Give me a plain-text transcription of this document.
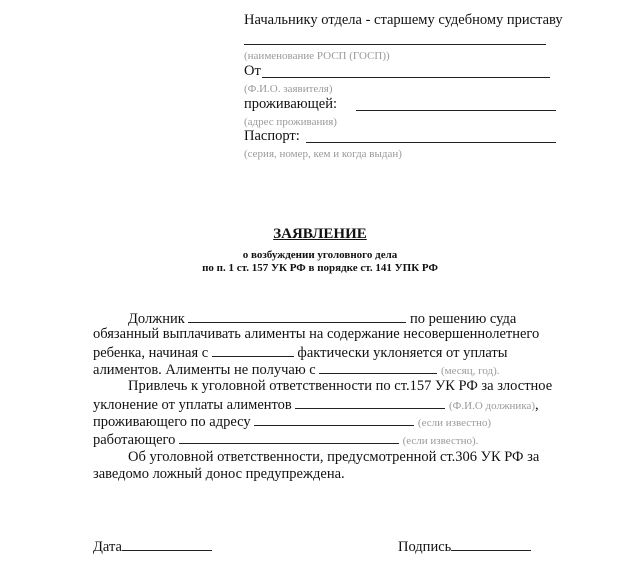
Начальнику отдела - старшему судебному приставу
(наименование РОСП (ГОСП))
От
(Ф.И.О. заявителя)
проживающей:
(адрес проживания)
Паспорт:
(серия, номер, кем и когда выдан)
ЗАЯВЛЕНИЕ
о возбуждении уголовного дела
по п. 1 ст. 157 УК РФ в порядке ст. 141 УПК РФ
Должник	по решению суда
обязанный выплачивать алименты на содержание несовершеннолетнего
ребенка, начиная с	фактически уклоняется от уплаты
алиментов. Алименты не получаю с	(месяц, год).
Привлечь к уголовной ответственности по ст.157 УК РФ за злостное
уклонение от уплаты алиментов	(Ф.И.О должника),
проживающего по адресу	(если известно)
работающего	(если известно).
Об уголовной ответственности, предусмотренной ст.306 УК РФ за
заведомо ложный донос предупреждена.
Дата	Подпись
